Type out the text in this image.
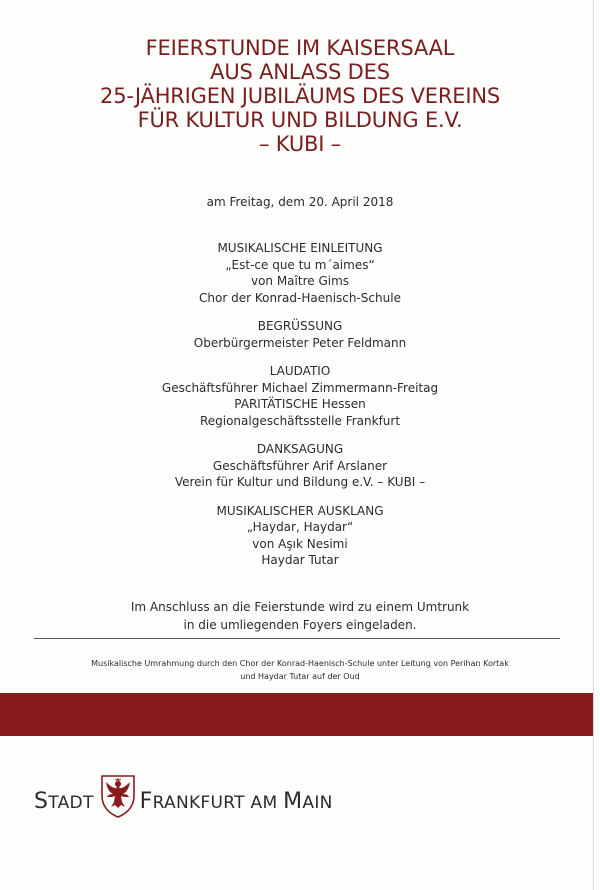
FEIERSTUNDE IM KAISERSAAL
AUS ANLASS DES
25-JÄHRIGEN JUBILÄUMS DES VEREINS
FÜR KULTUR UND BILDUNG E.V.
– KUBI –
am Freitag, dem 20. April 2018
MUSIKALISCHE EINLEITUNG
„Est-ce que tu m´aimes“
von Maître Gims
Chor der Konrad-Haenisch-Schule
BEGRÜSSUNG
Oberbürgermeister Peter Feldmann
LAUDATIO
Geschäftsführer Michael Zimmermann-Freitag
PARITÄTISCHE Hessen
Regionalgeschäftsstelle Frankfurt
DANKSAGUNG
Geschäftsführer Arif Arslaner
Verein für Kultur und Bildung e.V. – KUBI –
MUSIKALISCHER AUSKLANG
„Haydar, Haydar“
von Aşık Nesimi
Haydar Tutar
Im Anschluss an die Feierstunde wird zu einem Umtrunk
in die umliegenden Foyers eingeladen.
Musikalische Umrahmung durch den Chor der Konrad-Haenisch-Schule unter Leitung von Perihan Kortak
und Haydar Tutar auf der Oud
STADT FRANKFURT AM MAIN
